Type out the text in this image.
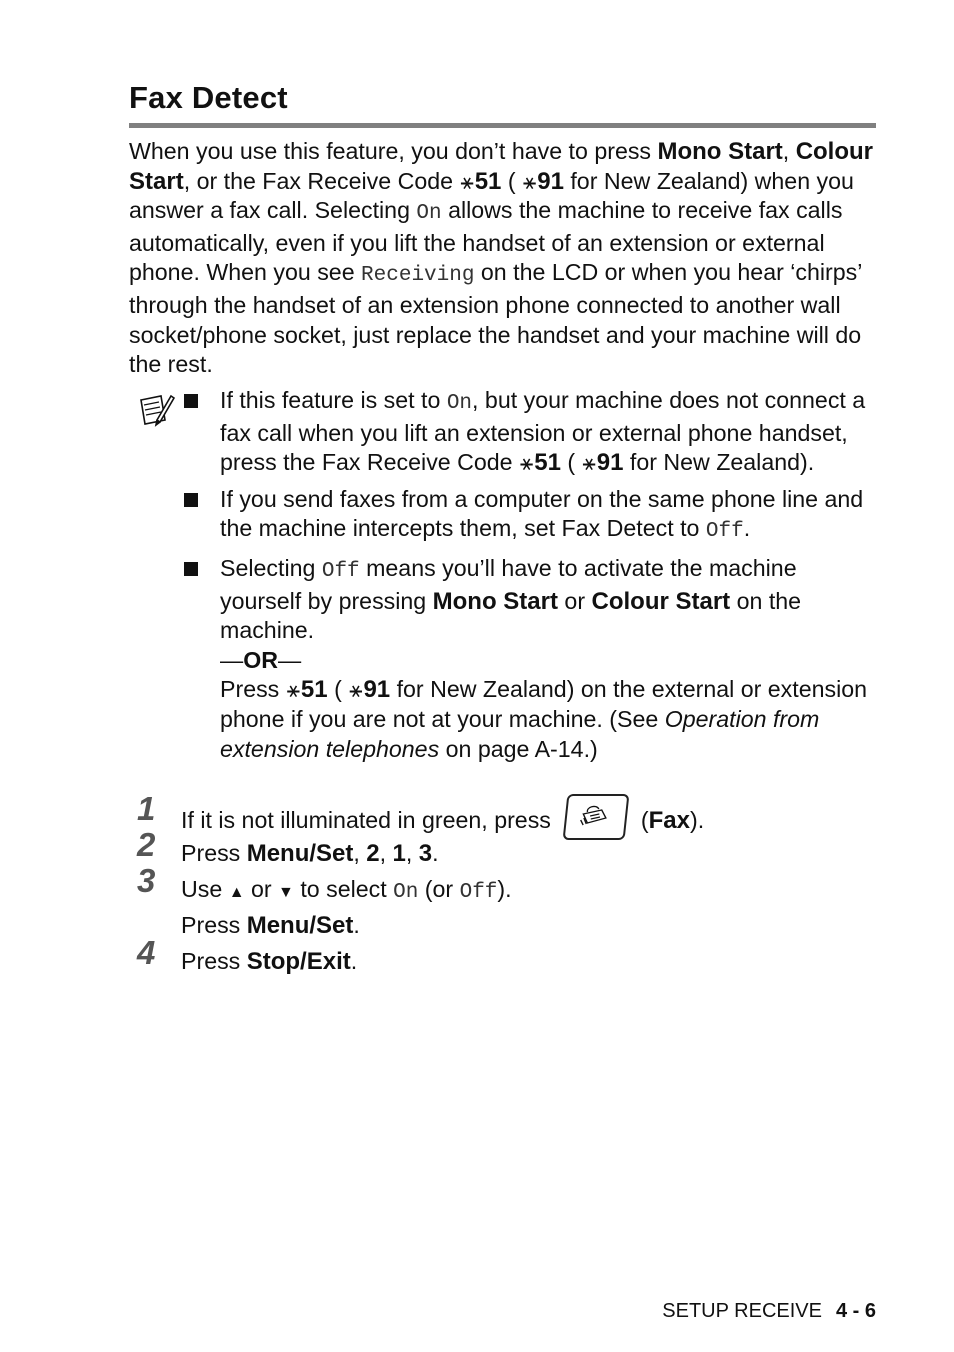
Fax Detect

When you use this feature, you don’t have to press Mono Start, Colour Start, or the Fax Receive Code ⚹51 ( ⚹91 for New Zealand) when you answer a fax call. Selecting On allows the machine to receive fax calls automatically, even if you lift the handset of an extension or external phone. When you see Receiving on the LCD or when you hear ‘chirps’ through the handset of an extension phone connected to another wall socket/phone socket, just replace the handset and your machine will do the rest.

If this feature is set to On, but your machine does not connect a fax call when you lift an extension or external phone handset, press the Fax Receive Code ⚹51 ( ⚹91 for New Zealand).

If you send faxes from a computer on the same phone line and the machine intercepts them, set Fax Detect to Off.

Selecting Off means you’ll have to activate the machine yourself by pressing Mono Start or Colour Start on the machine.

—OR—

Press ⚹51 ( ⚹91 for New Zealand) on the external or extension phone if you are not at your machine. (See Operation from extension telephones on page A-14.)

1 If it is not illuminated in green, press	(Fax).
2 Press Menu/Set, 2, 1, 3.
3 Use ▲ or ▼ to select On (or Off).
Press Menu/Set.
4 Press Stop/Exit.
SETUP RECEIVE 4 - 6
